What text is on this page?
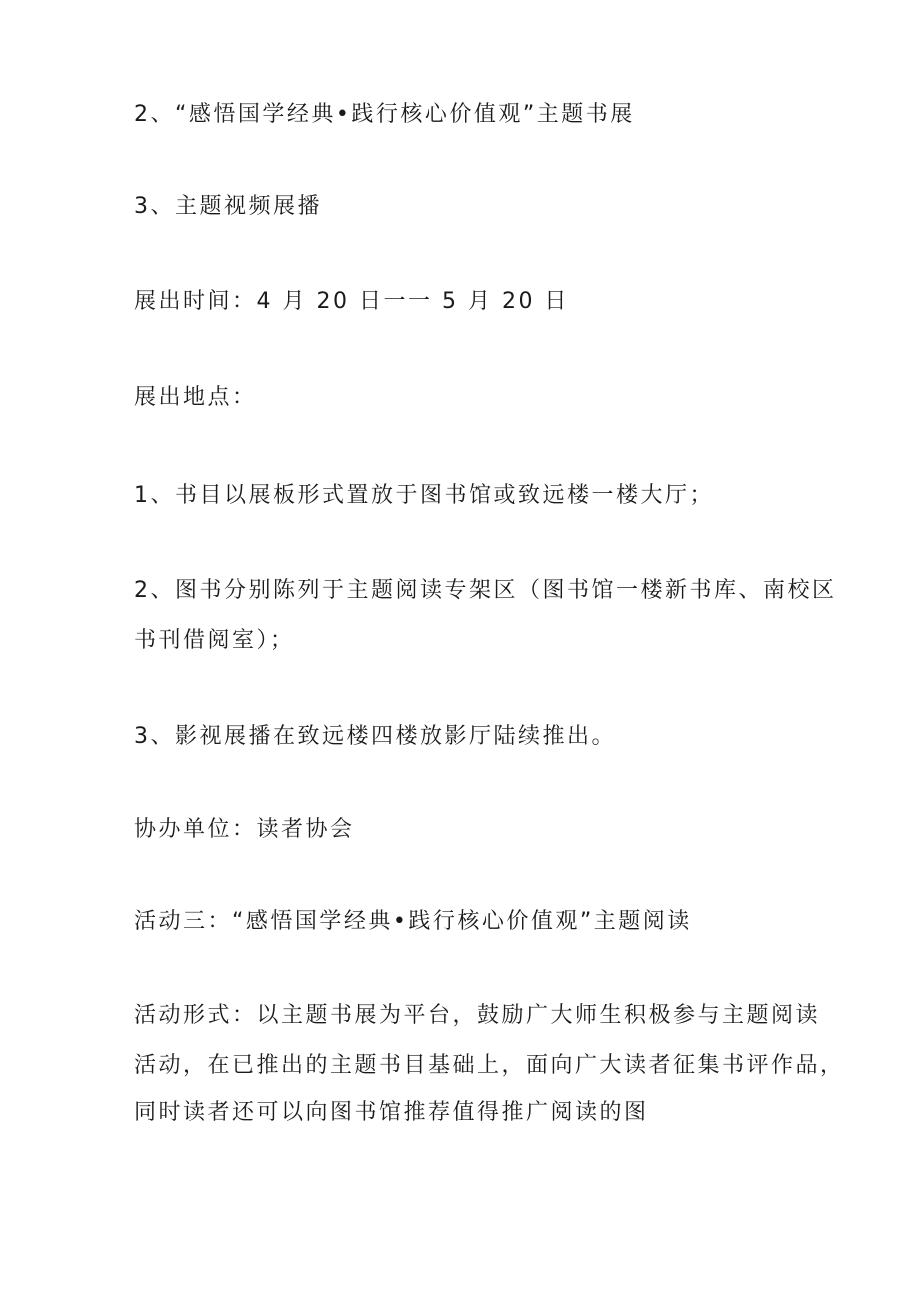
2、“感悟国学经典•践行核心价值观”主题书展
3、主题视频展播
展出时间：4 月 20 日一一 5 月 20 日
展出地点：
1、书目以展板形式置放于图书馆或致远楼一楼大厅；
2、图书分别陈列于主题阅读专架区（图书馆一楼新书库、南校区
书刊借阅室）；
3、影视展播在致远楼四楼放影厅陆续推出。
协办单位：读者协会
活动三：“感悟国学经典•践行核心价值观”主题阅读
活动形式：以主题书展为平台，鼓励广大师生积极参与主题阅读
活动，在已推出的主题书目基础上，面向广大读者征集书评作品，
同时读者还可以向图书馆推荐值得推广阅读的图
